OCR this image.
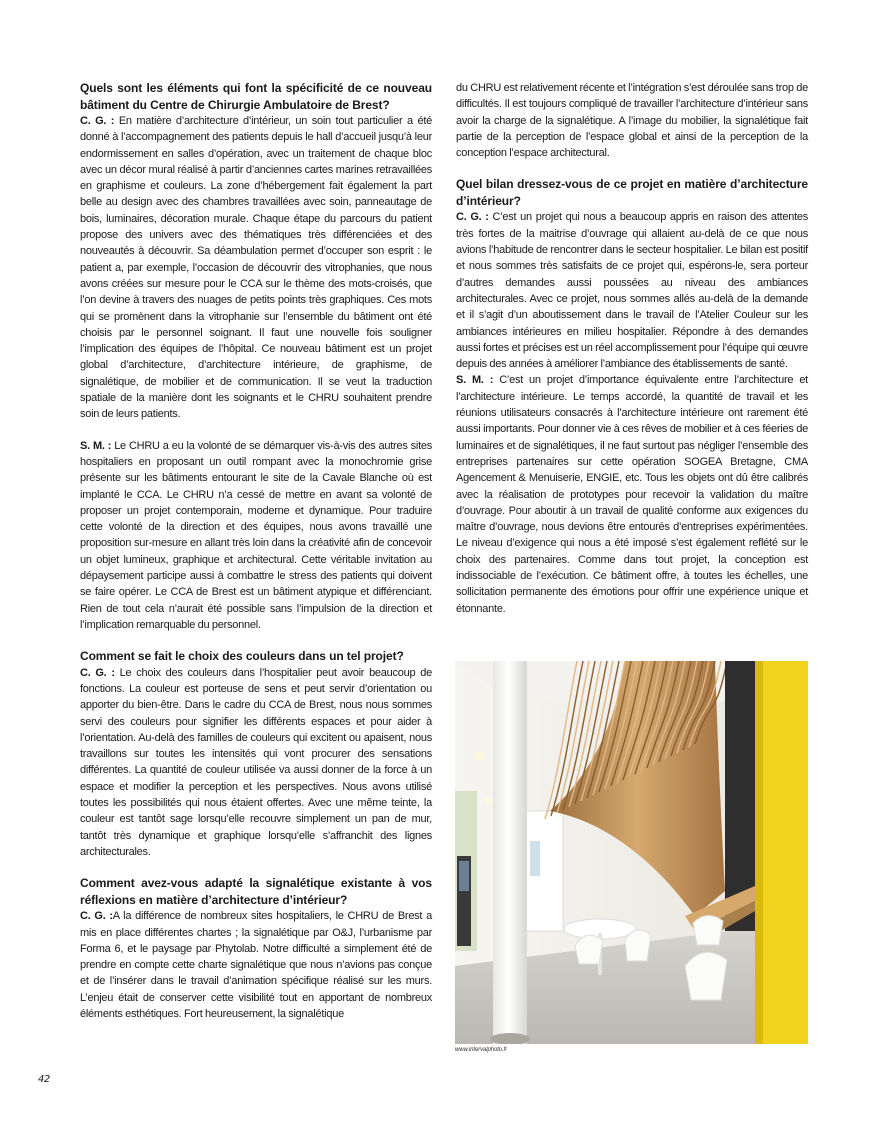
Quels sont les éléments qui font la spécificité de ce nouveau bâtiment du Centre de Chirurgie Ambulatoire de Brest?

C. G. : En matière d’architecture d’intérieur, un soin tout particulier a été donné à l’accompagnement des patients depuis le hall d’accueil jusqu’à leur endormissement en salles d’opération, avec un traitement de chaque bloc avec un décor mural réalisé à partir d’anciennes cartes marines retravaillées en graphisme et couleurs. La zone d’hébergement fait également la part belle au design avec des chambres travaillées avec soin, panneautage de bois, luminaires, décoration murale. Chaque étape du parcours du patient propose des univers avec des thématiques très différenciées et des nouveautés à découvrir. Sa déambulation permet d’occuper son esprit : le patient a, par exemple, l’occasion de découvrir des vitrophanies, que nous avons créées sur mesure pour le CCA sur le thème des mots-croisés, que l’on devine à travers des nuages de petits points très graphiques. Ces mots qui se promènent dans la vitrophanie sur l’ensemble du bâtiment ont été choisis par le personnel soignant. Il faut une nouvelle fois souligner l’implication des équipes de l’hôpital. Ce nouveau bâtiment est un projet global d’architecture, d’architecture intérieure, de graphisme, de signalétique, de mobilier et de communication. Il se veut la traduction spatiale de la manière dont les soignants et le CHRU souhaitent prendre soin de leurs patients.

S. M. : Le CHRU a eu la volonté de se démarquer vis-à-vis des autres sites hospitaliers en proposant un outil rompant avec la monochromie grise présente sur les bâtiments entourant le site de la Cavale Blanche où est implanté le CCA. Le CHRU n’a cessé de mettre en avant sa volonté de proposer un projet contemporain, moderne et dynamique. Pour traduire cette volonté de la direction et des équipes, nous avons travaillé une proposition sur-mesure en allant très loin dans la créativité afin de concevoir un objet lumineux, graphique et architectural. Cette véritable invitation au dépaysement participe aussi à combattre le stress des patients qui doivent se faire opérer. Le CCA de Brest est un bâtiment atypique et différenciant. Rien de tout cela n’aurait été possible sans l’impulsion de la direction et l’implication remarquable du personnel.

Comment se fait le choix des couleurs dans un tel projet?

C. G. : Le choix des couleurs dans l’hospitalier peut avoir beaucoup de fonctions. La couleur est porteuse de sens et peut servir d’orientation ou apporter du bien-être. Dans le cadre du CCA de Brest, nous nous sommes servi des couleurs pour signifier les différents espaces et pour aider à l’orientation. Au-delà des familles de couleurs qui excitent ou apaisent, nous travaillons sur toutes les intensités qui vont procurer des sensations différentes. La quantité de couleur utilisée va aussi donner de la force à un espace et modifier la perception et les perspectives. Nous avons utilisé toutes les possibilités qui nous étaient offertes. Avec une même teinte, la couleur est tantôt sage lorsqu’elle recouvre simplement un pan de mur, tantôt très dynamique et graphique lorsqu’elle s’affranchit des lignes architecturales.

Comment avez-vous adapté la signalétique existante à vos réflexions en matière d’architecture d’intérieur?

C. G. :A la différence de nombreux sites hospitaliers, le CHRU de Brest a mis en place différentes chartes ; la signalétique par O&J, l’urbanisme par Forma 6, et le paysage par Phytolab. Notre difficulté a simplement été de prendre en compte cette charte signalétique que nous n’avions pas conçue et de l’insérer dans le travail d’animation spécifique réalisé sur les murs. L’enjeu était de conserver cette visibilité tout en apportant de nombreux éléments esthétiques. Fort heureusement, la signalétique

du CHRU est relativement récente et l’intégration s’est déroulée sans trop de difficultés. Il est toujours compliqué de travailler l’architecture d’intérieur sans avoir la charge de la signalétique. A l’image du mobilier, la signalétique fait partie de la perception de l’espace global et ainsi de la perception de la conception l’espace architectural.

Quel bilan dressez-vous de ce projet en matière d’architecture d’intérieur?

C. G. : C’est un projet qui nous a beaucoup appris en raison des attentes très fortes de la maitrise d’ouvrage qui allaient au-delà de ce que nous avions l’habitude de rencontrer dans le secteur hospitalier. Le bilan est positif et nous sommes très satisfaits de ce projet qui, espérons-le, sera porteur d’autres demandes aussi poussées au niveau des ambiances architecturales. Avec ce projet, nous sommes allés au-delà de la demande et il s’agit d’un aboutissement dans le travail de l’Atelier Couleur sur les ambiances intérieures en milieu hospitalier. Répondre à des demandes aussi fortes et précises est un réel accomplissement pour l’équipe qui œuvre depuis des années à améliorer l’ambiance des établissements de santé.

S. M. : C’est un projet d’importance équivalente entre l’architecture et l’architecture intérieure. Le temps accordé, la quantité de travail et les réunions utilisateurs consacrés à l’architecture intérieure ont rarement été aussi importants. Pour donner vie à ces rêves de mobilier et à ces féeries de luminaires et de signalétiques, il ne faut surtout pas négliger l’ensemble des entreprises partenaires sur cette opération SOGEA Bretagne, CMA Agencement & Menuiserie, ENGIE, etc. Tous les objets ont dû être calibrés avec la réalisation de prototypes pour recevoir la validation du maître d’ouvrage. Pour aboutir à un travail de qualité conforme aux exigences du maître d’ouvrage, nous devions être entourés d’entreprises expérimentées. Le niveau d’exigence qui nous a été imposé s’est également reflété sur le choix des partenaires. Comme dans tout projet, la conception est indissociable de l’exécution. Ce bâtiment offre, à toutes les échelles, une sollicitation permanente des émotions pour offrir une expérience unique et étonnante.

www.intervalphoto.fr
42
